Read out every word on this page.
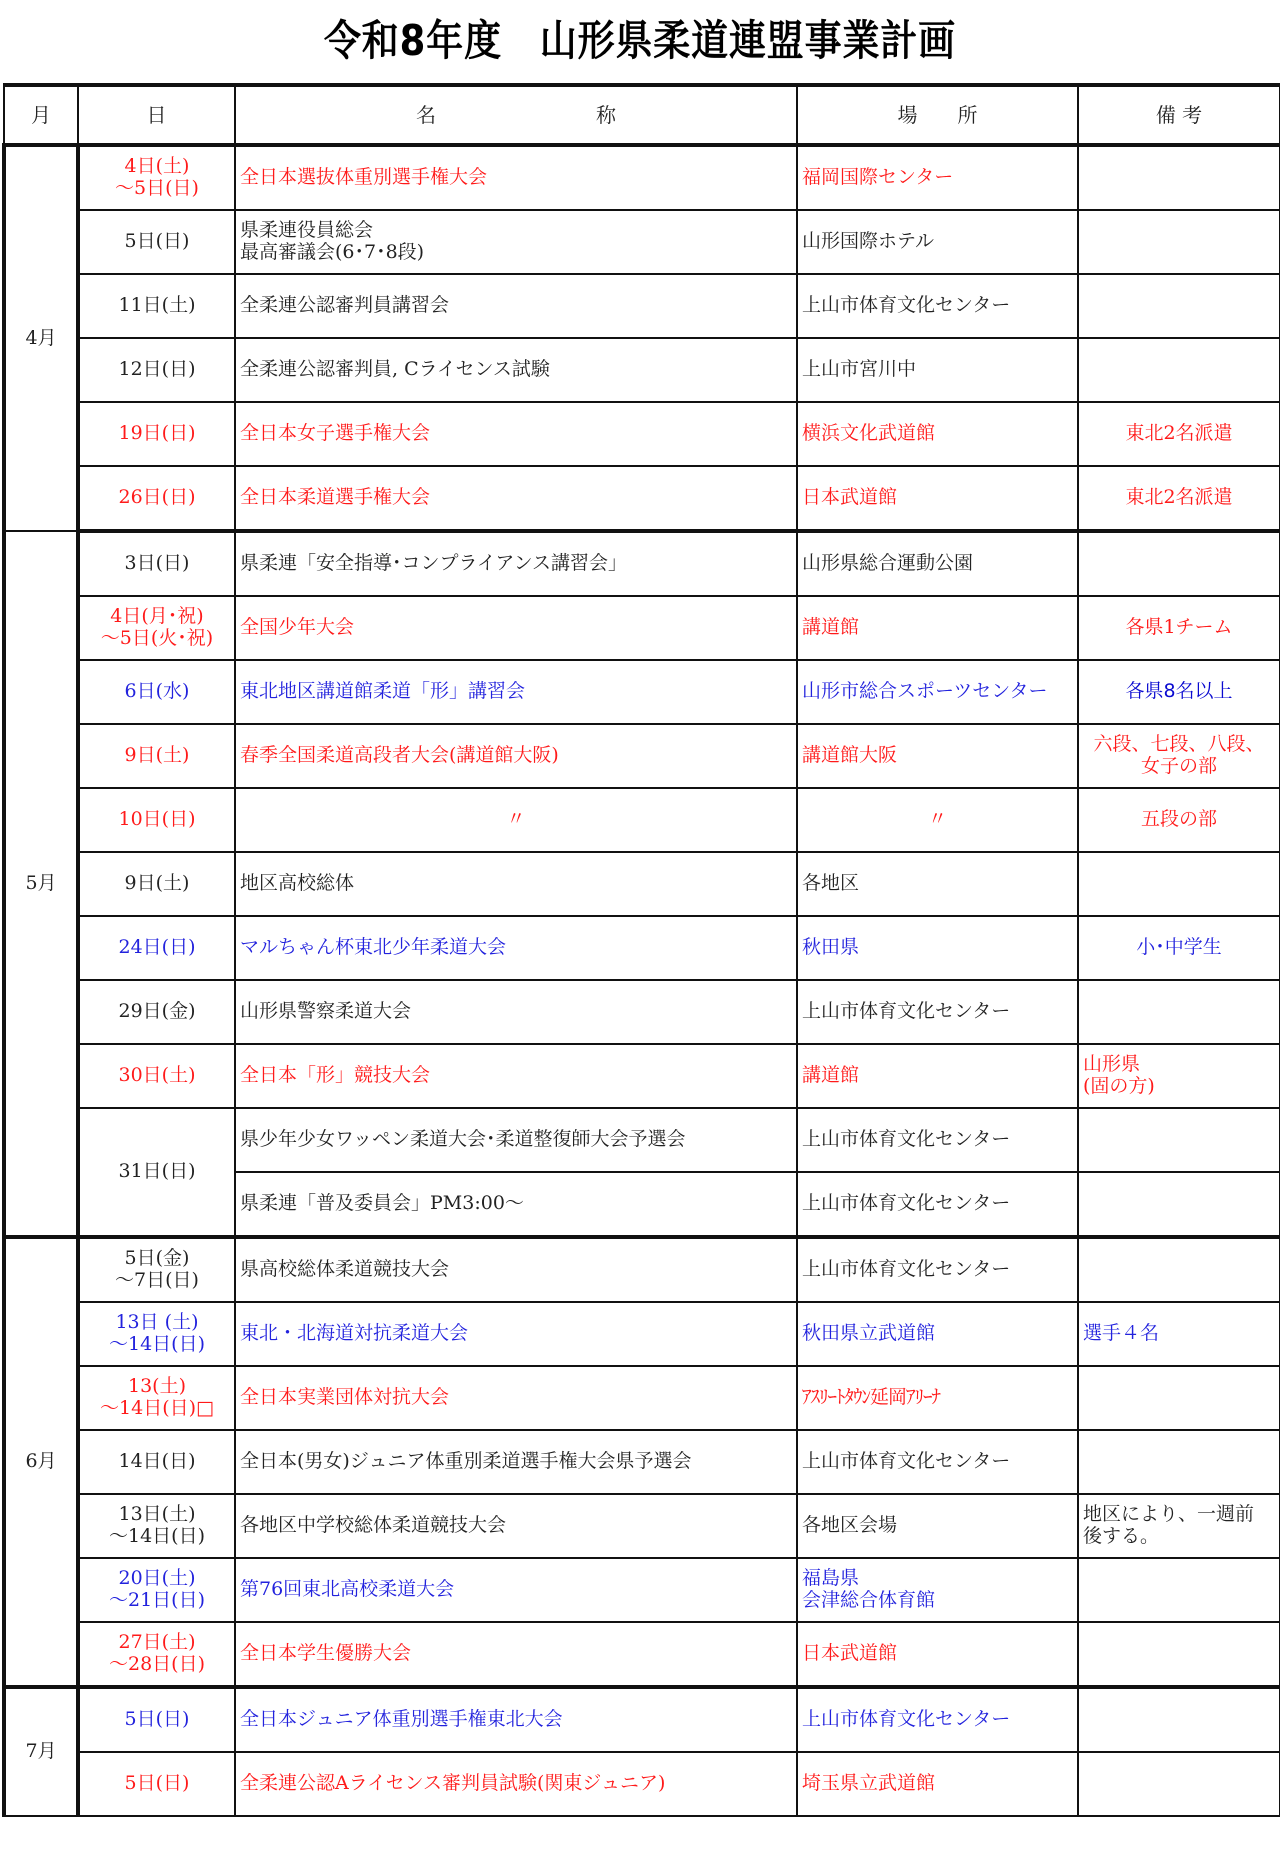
令和8年度　山形県柔道連盟事業計画
月	日	名　　　　　　　　称	場　　所	備 考
4月	4日(土)
～5日(日)	全日本選抜体重別選手権大会	福岡国際センター	
	5日(日)	県柔連役員総会
最高審議会(6･7･8段)	山形国際ホテル	
	11日(土)	全柔連公認審判員講習会	上山市体育文化センター	
	12日(日)	全柔連公認審判員, Cライセンス試験	上山市宮川中	
	19日(日)	全日本女子選手権大会	横浜文化武道館	東北2名派遣
	26日(日)	全日本柔道選手権大会	日本武道館	東北2名派遣
5月	3日(日)	県柔連「安全指導･コンプライアンス講習会」	山形県総合運動公園	
	4日(月･祝)
～5日(火･祝)	全国少年大会	講道館	各県1チーム
	6日(水)	東北地区講道館柔道「形」講習会	山形市総合スポーツセンター	各県8名以上
	9日(土)	春季全国柔道高段者大会(講道館大阪)	講道館大阪	六段、七段、八段、
女子の部
	10日(日)	〃	〃	五段の部
	9日(土)	地区高校総体	各地区	
	24日(日)	マルちゃん杯東北少年柔道大会	秋田県	小･中学生
	29日(金)	山形県警察柔道大会	上山市体育文化センター	
	30日(土)	全日本「形」競技大会	講道館	山形県
(固の方)
	31日(日)	県少年少女ワッペン柔道大会･柔道整復師大会予選会	上山市体育文化センター	
		県柔連「普及委員会」PM3:00～	上山市体育文化センター	
6月	5日(金)
～7日(日)	県高校総体柔道競技大会	上山市体育文化センター	
	13日 (土)
～14日(日)	東北・北海道対抗柔道大会	秋田県立武道館	選手４名
	13(土)
～14日(日)□	全日本実業団体対抗大会	ｱｽﾘｰﾄﾀｳﾝ延岡ｱﾘｰﾅ	
	14日(日)	全日本(男女)ジュニア体重別柔道選手権大会県予選会	上山市体育文化センター	
	13日(土)
～14日(日)	各地区中学校総体柔道競技大会	各地区会場	地区により、一週前
後する。
	20日(土)
～21日(日)	第76回東北高校柔道大会	福島県
会津総合体育館	
	27日(土)
～28日(日)	全日本学生優勝大会	日本武道館	
7月	5日(日)	全日本ジュニア体重別選手権東北大会	上山市体育文化センター	
	5日(日)	全柔連公認Aライセンス審判員試験(関東ジュニア)	埼玉県立武道館	
